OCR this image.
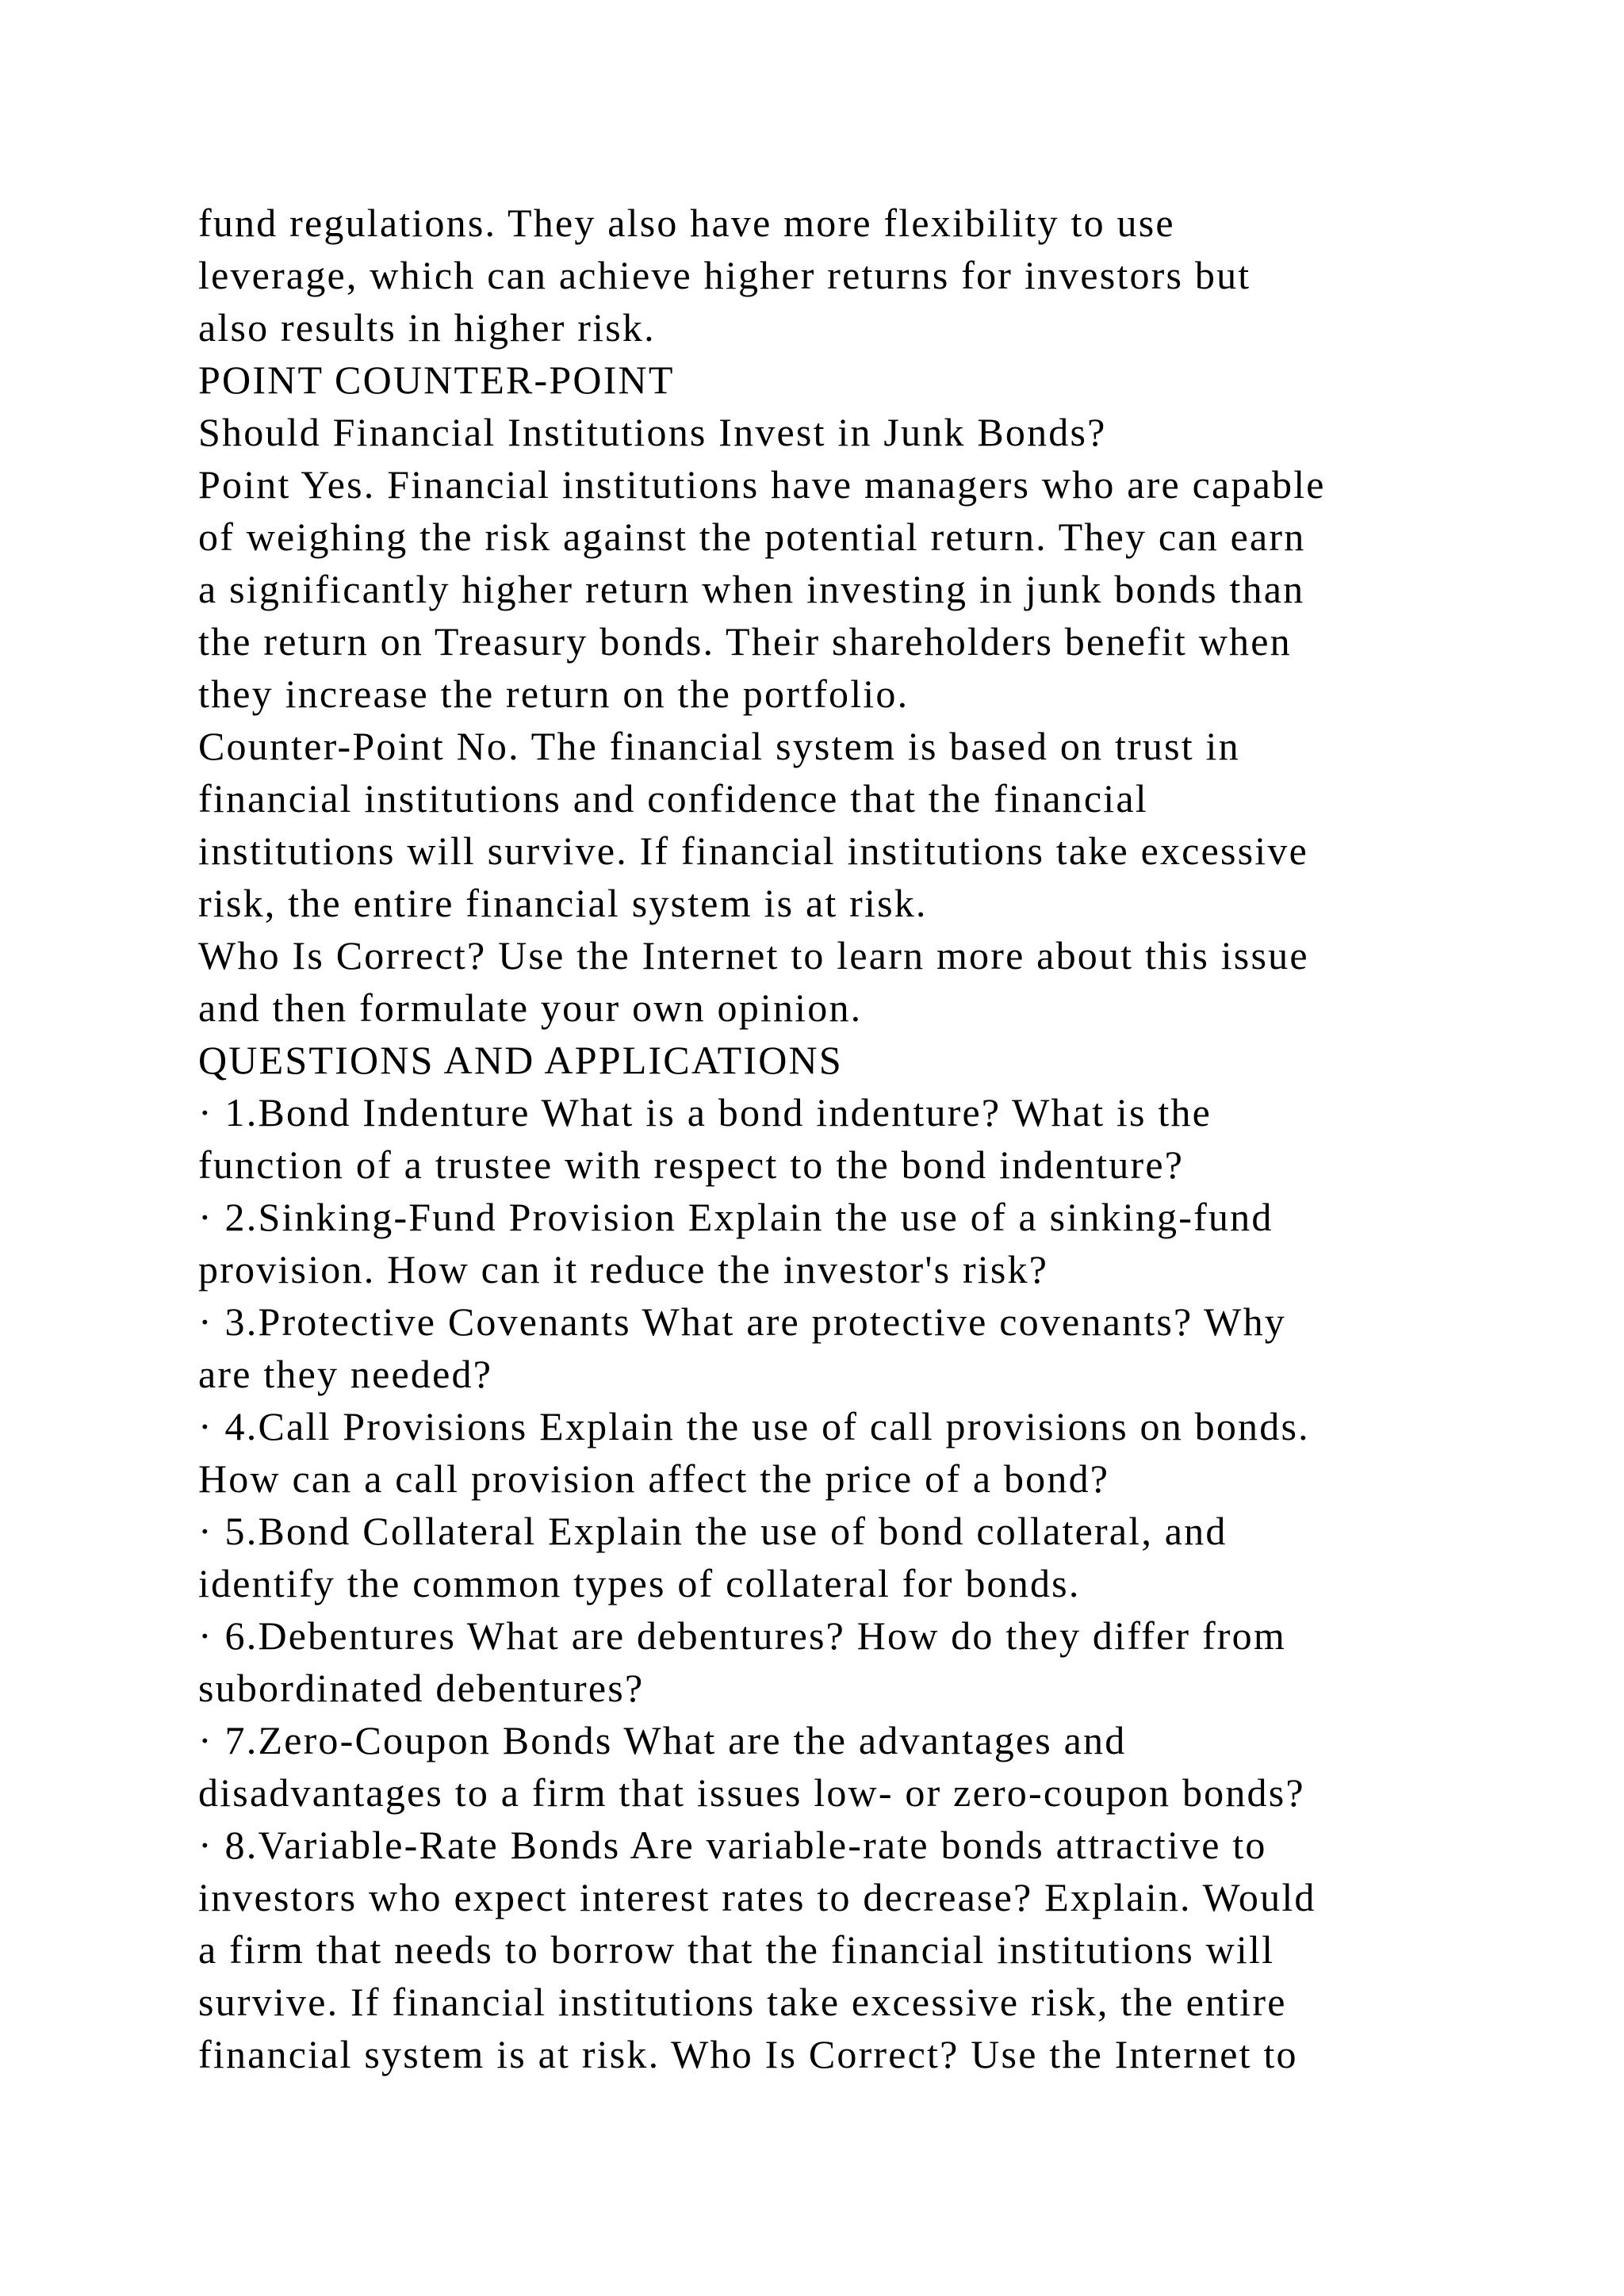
fund regulations. They also have more flexibility to use
leverage, which can achieve higher returns for investors but
also results in higher risk.
POINT COUNTER-POINT
Should Financial Institutions Invest in Junk Bonds?
Point Yes. Financial institutions have managers who are capable
of weighing the risk against the potential return. They can earn
a significantly higher return when investing in junk bonds than
the return on Treasury bonds. Their shareholders benefit when
they increase the return on the portfolio.
Counter-Point No. The financial system is based on trust in
financial institutions and confidence that the financial
institutions will survive. If financial institutions take excessive
risk, the entire financial system is at risk.
Who Is Correct? Use the Internet to learn more about this issue
and then formulate your own opinion.
QUESTIONS AND APPLICATIONS
· 1.Bond Indenture What is a bond indenture? What is the
function of a trustee with respect to the bond indenture?
· 2.Sinking-Fund Provision Explain the use of a sinking-fund
provision. How can it reduce the investor's risk?
· 3.Protective Covenants What are protective covenants? Why
are they needed?
· 4.Call Provisions Explain the use of call provisions on bonds.
How can a call provision affect the price of a bond?
· 5.Bond Collateral Explain the use of bond collateral, and
identify the common types of collateral for bonds.
· 6.Debentures What are debentures? How do they differ from
subordinated debentures?
· 7.Zero-Coupon Bonds What are the advantages and
disadvantages to a firm that issues low- or zero-coupon bonds?
· 8.Variable-Rate Bonds Are variable-rate bonds attractive to
investors who expect interest rates to decrease? Explain. Would
a firm that needs to borrow that the financial institutions will
survive. If financial institutions take excessive risk, the entire
financial system is at risk. Who Is Correct? Use the Internet to
